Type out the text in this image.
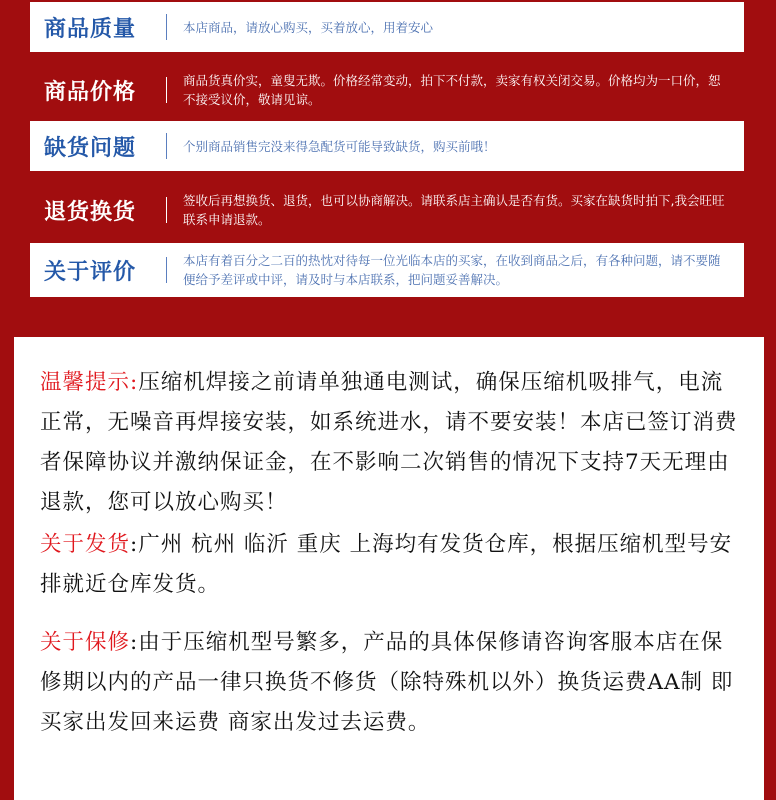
商品质量	本店商品，请放心购买，买着放心，用着安心
商品价格	商品货真价实，童叟无欺。价格经常变动，拍下不付款，卖家有权关闭交易。价格均为一口价，恕不接受议价，敬请见谅。
缺货问题	个别商品销售完没来得急配货可能导致缺货，购买前哦！
退货换货	签收后再想换货、退货，也可以协商解决。请联系店主确认是否有货。买家在缺货时拍下,我会旺旺联系申请退款。
关于评价	本店有着百分之二百的热忱对待每一位光临本店的买家，在收到商品之后，有各种问题，请不要随便给予差评或中评，请及时与本店联系，把问题妥善解决。

温馨提示:压缩机焊接之前请单独通电测试，确保压缩机吸排气，电流正常，无噪音再焊接安装，如系统进水，请不要安装！本店已签订消费者保障协议并激纳保证金，在不影响二次销售的情况下支持7天无理由退款，您可以放心购买！

关于发货:广州 杭州 临沂 重庆 上海均有发货仓库，根据压缩机型号安排就近仓库发货。

关于保修:由于压缩机型号繁多，产品的具体保修请咨询客服本店在保修期以内的产品一律只换货不修货（除特殊机以外）换货运费AA制 即买家出发回来运费 商家出发过去运费。
